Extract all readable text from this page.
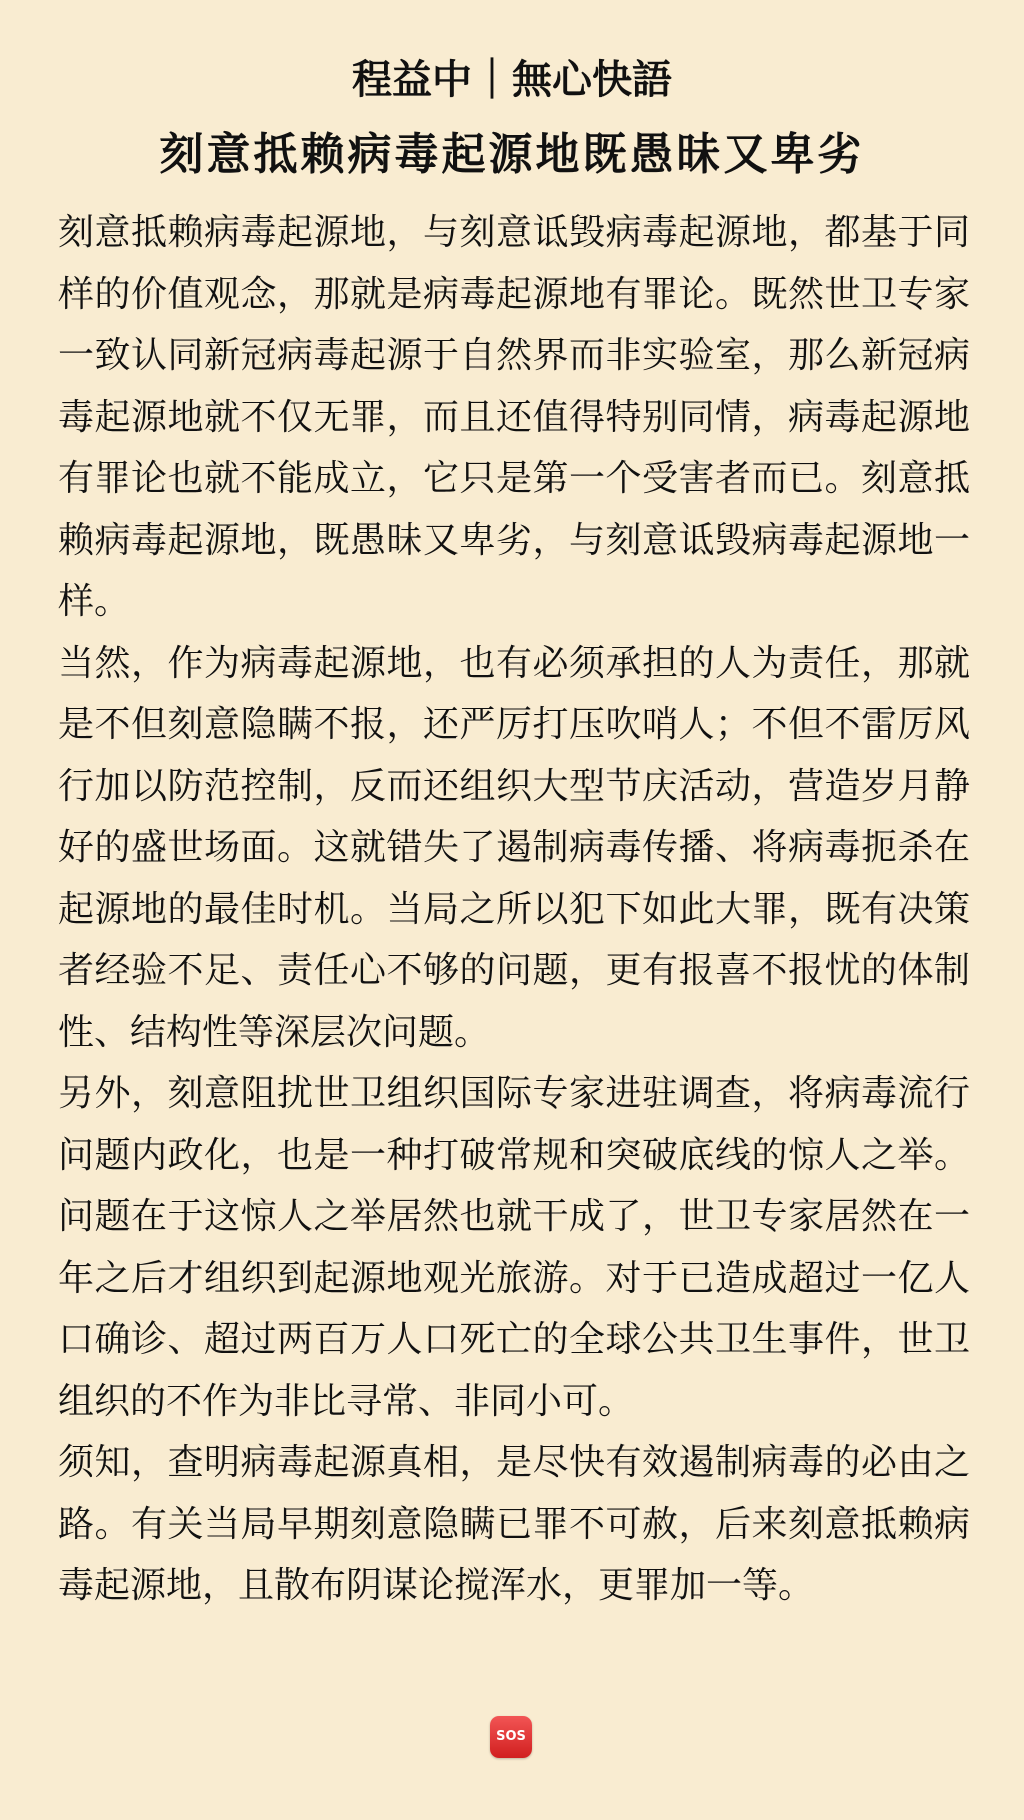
程益中｜無心快語
刻意抵赖病毒起源地既愚昧又卑劣

刻意抵赖病毒起源地，与刻意诋毁病毒起源地，都基于同样的价值观念，那就是病毒起源地有罪论。既然世卫专家一致认同新冠病毒起源于自然界而非实验室，那么新冠病毒起源地就不仅无罪，而且还值得特别同情，病毒起源地有罪论也就不能成立，它只是第一个受害者而已。刻意抵赖病毒起源地，既愚昧又卑劣，与刻意诋毁病毒起源地一样。

当然，作为病毒起源地，也有必须承担的人为责任，那就是不但刻意隐瞒不报，还严厉打压吹哨人；不但不雷厉风行加以防范控制，反而还组织大型节庆活动，营造岁月静好的盛世场面。这就错失了遏制病毒传播、将病毒扼杀在起源地的最佳时机。当局之所以犯下如此大罪，既有决策者经验不足、责任心不够的问题，更有报喜不报忧的体制性、结构性等深层次问题。

另外，刻意阻扰世卫组织国际专家进驻调查，将病毒流行问题内政化，也是一种打破常规和突破底线的惊人之举。问题在于这惊人之举居然也就干成了，世卫专家居然在一年之后才组织到起源地观光旅游。对于已造成超过一亿人口确诊、超过两百万人口死亡的全球公共卫生事件，世卫组织的不作为非比寻常、非同小可。

须知，查明病毒起源真相，是尽快有效遏制病毒的必由之路。有关当局早期刻意隐瞒已罪不可赦，后来刻意抵赖病毒起源地，且散布阴谋论搅浑水，更罪加一等。

SOS
